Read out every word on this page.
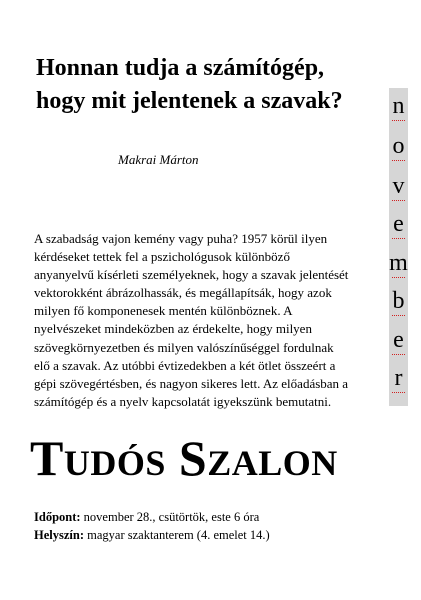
Honnan tudja a számítógép,
hogy mit jelentenek a szavak?
Makrai Márton
n
o
v
e
m
b
e
r
A szabadság vajon kemény vagy puha? 1957 körül ilyen
kérdéseket tettek fel a pszichológusok különböző
anyanyelvű kísérleti személyeknek, hogy a szavak jelentését
vektorokként ábrázolhassák, és megállapítsák, hogy azok
milyen fő komponenesek mentén különböznek. A
nyelvészeket mindeközben az érdekelte, hogy milyen
szövegkörnyezetben és milyen valószínűséggel fordulnak
elő a szavak. Az utóbbi évtizedekben a két ötlet összeért a
gépi szövegértésben, és nagyon sikeres lett. Az előadásban a
számítógép és a nyelv kapcsolatát igyekszünk bemutatni.
TUDÓS SZALON
Időpont: november 28., csütörtök, este 6 óra
Helyszín: magyar szaktanterem (4. emelet 14.)
